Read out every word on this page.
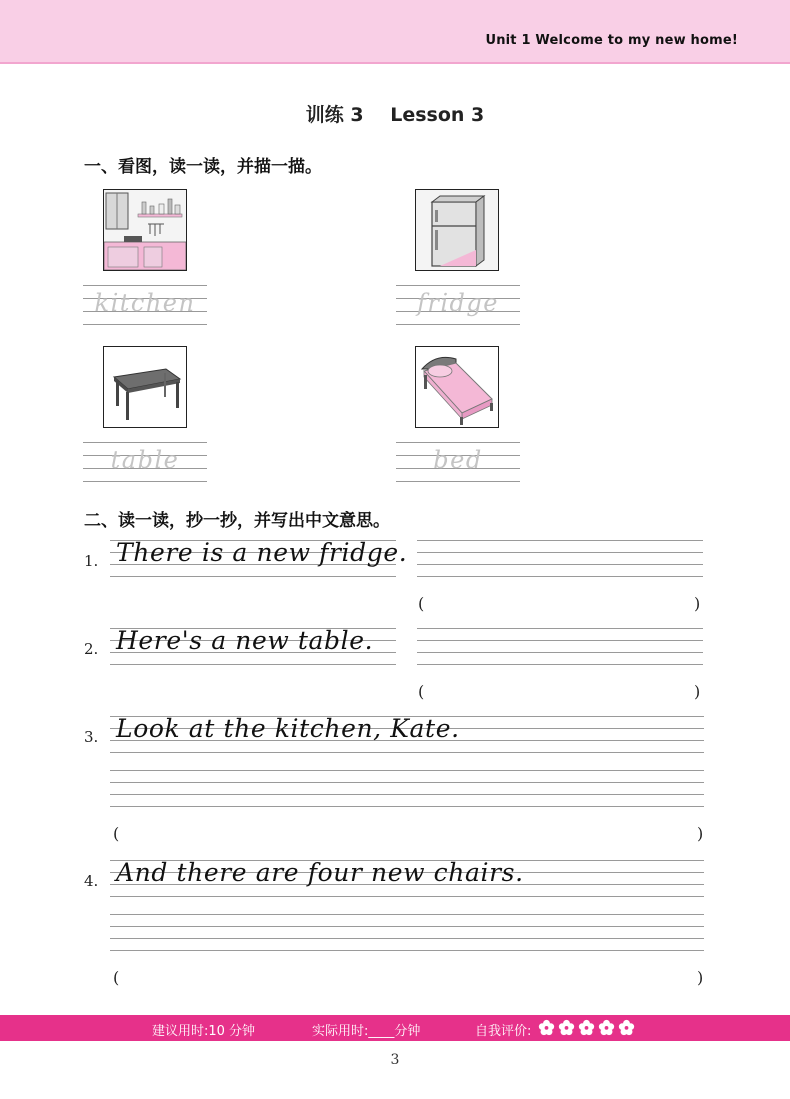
Unit 1 Welcome to my new home!
训练 3 Lesson 3
一、看图，读一读，并描一描。
kitchen	fridge
table	bed
二、读一读，抄一抄，并写出中文意思。
1. There is a new fridge.
(	)
2. Here's a new table.
(	)
3. Look at the kitchen, Kate.
(	)
4. And there are four new chairs.
(	)
建议用时:10 分钟	实际用时:____分钟	自我评价:
3
